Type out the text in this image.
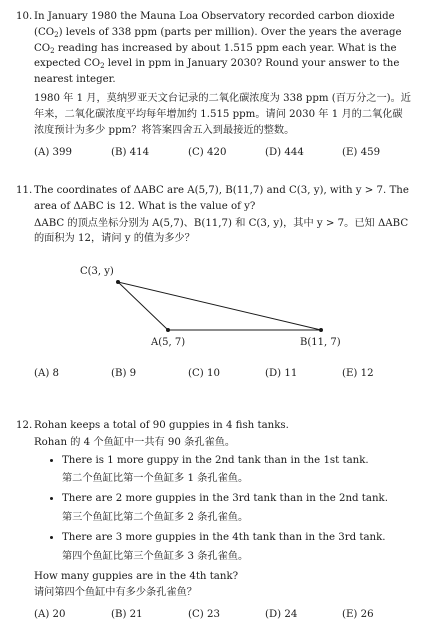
10. In January 1980 the Mauna Loa Observatory recorded carbon dioxide $(CO_2)$ levels of 338 ppm (parts per million). Over the years the average $CO_2$ reading has increased by about 1.515 ppm each year. What is the expected $CO_2$ level in ppm in January 2030? Round your answer to the nearest integer.

1980 年 1 月，莫纳罗亚天文台记录的二氧化碳浓度为 338 ppm (百万分之一)。近年来，二氧化碳浓度平均每年增加约 1.515 ppm。请问 2030 年 1 月的二氧化碳浓度预计为多少 ppm？将答案四舍五入到最接近的整数。

(A) 399	(B) 414	(C) 420	(D) 444	(E) 459
11. The coordinates of ΔABC are A(5,7), B(11,7) and C(3, y), with y > 7. The area of ΔABC is 12. What is the value of y?

ΔABC 的顶点坐标分别为 A(5,7)、B(11,7) 和 C(3, y)，其中 y > 7。已知 ΔABC 的面积为 12，请问 y 的值为多少？

C(3, y)
A(5, 7)	B(11, 7)
(A) 8	(B) 9	(C) 10	(D) 11	(E) 12
12. Rohan keeps a total of 90 guppies in 4 fish tanks.

Rohan 的 4 个鱼缸中一共有 90 条孔雀鱼。

• There is 1 more guppy in the 2nd tank than in the 1st tank.
第二个鱼缸比第一个鱼缸多 1 条孔雀鱼。
• There are 2 more guppies in the 3rd tank than in the 2nd tank.
第三个鱼缸比第二个鱼缸多 2 条孔雀鱼。
• There are 3 more guppies in the 4th tank than in the 3rd tank.
第四个鱼缸比第三个鱼缸多 3 条孔雀鱼。

How many guppies are in the 4th tank?

请问第四个鱼缸中有多少条孔雀鱼？

(A) 20	(B) 21	(C) 23	(D) 24	(E) 26
